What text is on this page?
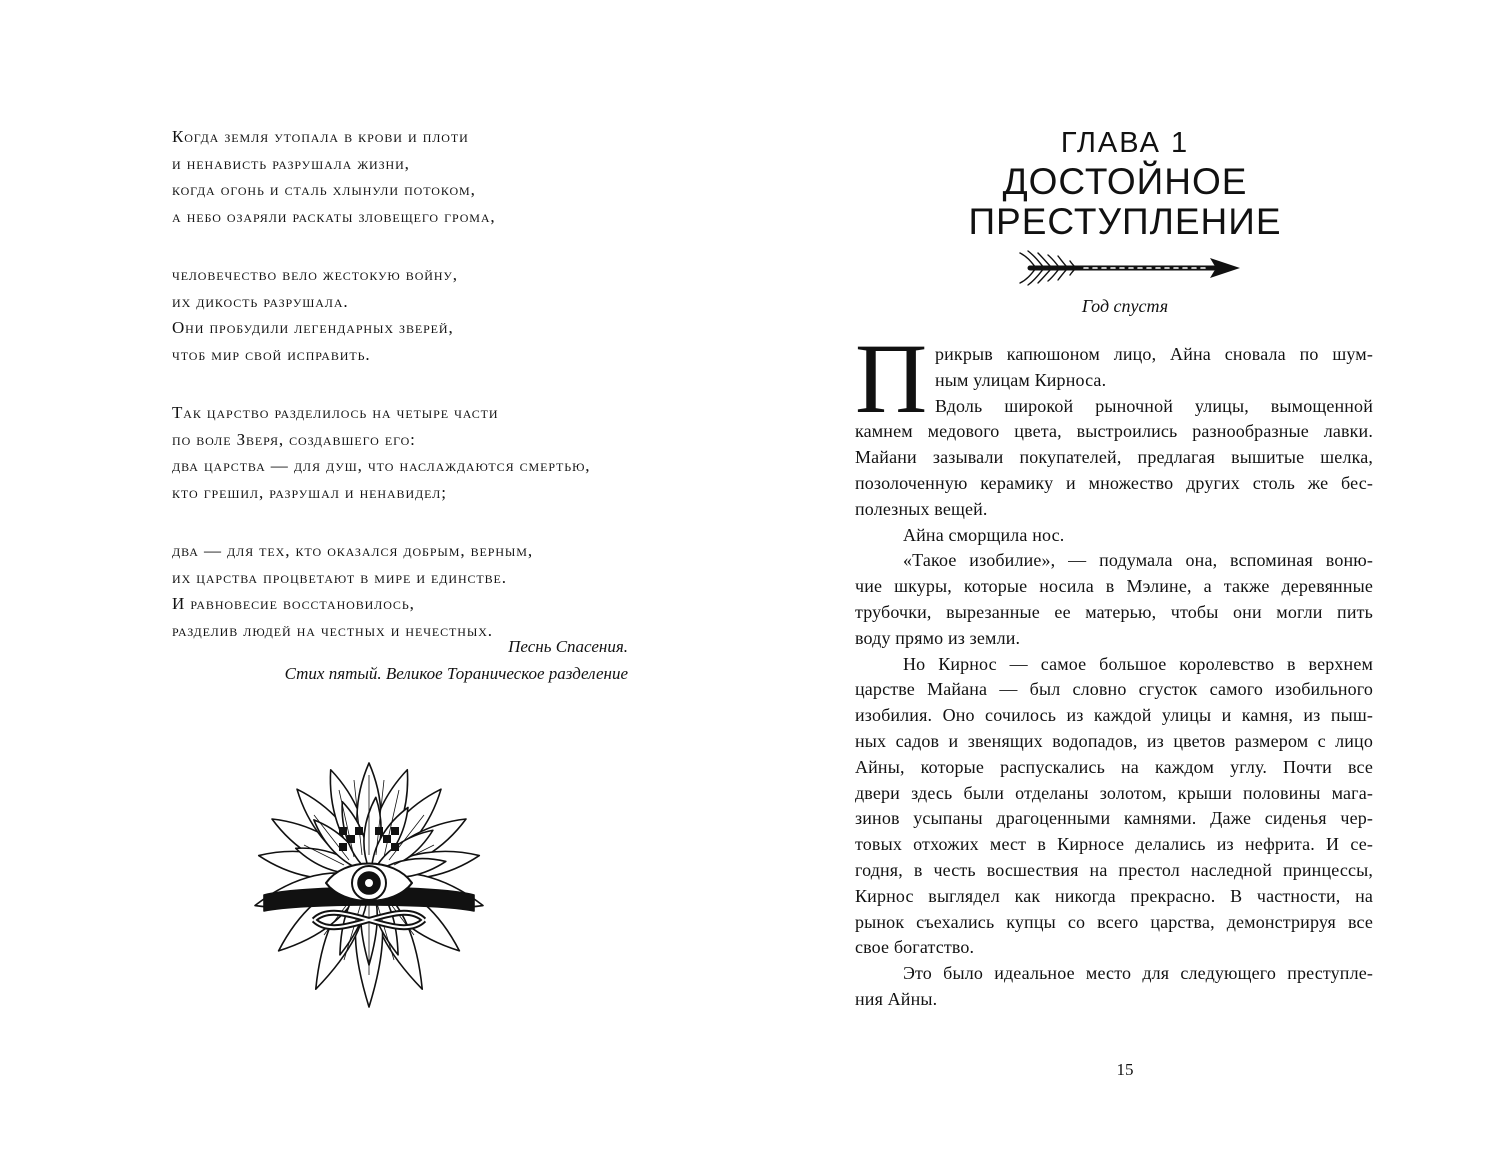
Когда земля утопала в крови и плоти
и ненависть разрушала жизни,
когда огонь и сталь хлынули потоком,
а небо озаряли раскаты зловещего грома,
человечество вело жестокую войну,
их дикость разрушала.
Они пробудили легендарных зверей,
чтоб мир свой исправить.
Так царство разделилось на четыре части
по воле Зверя, создавшего его:
два царства — для душ, что наслаждаются смертью,
кто грешил, разрушал и ненавидел;
два — для тех, кто оказался добрым, верным,
их царства процветают в мире и единстве.
И равновесие восстановилось,
разделив людей на честных и нечестных.
Песнь Спасения.
Стих пятый. Великое Тораническое разделение
ГЛАВА 1
ДОСТОЙНОЕ
ПРЕСТУПЛЕНИЕ
Год спустя
П рикрыв капюшоном лицо, Айна сновала по шум-
ным улицам Кирноса.
Вдоль широкой рыночной улицы, вымощенной
камнем медового цвета, выстроились разнообразные лавки.
Майани зазывали покупателей, предлагая вышитые шелка,
позолоченную керамику и множество других столь же бес-
полезных вещей.
Айна сморщила нос.
«Такое изобилие», — подумала она, вспоминая воню-
чие шкуры, которые носила в Мэлине, а также деревянные
трубочки, вырезанные ее матерью, чтобы они могли пить
воду прямо из земли.
Но Кирнос — самое большое королевство в верхнем
царстве Майана — был словно сгусток самого изобильного
изобилия. Оно сочилось из каждой улицы и камня, из пыш-
ных садов и звенящих водопадов, из цветов размером с лицо
Айны, которые распускались на каждом углу. Почти все
двери здесь были отделаны золотом, крыши половины мага-
зинов усыпаны драгоценными камнями. Даже сиденья чер-
товых отхожих мест в Кирносе делались из нефрита. И се-
годня, в честь восшествия на престол наследной принцессы,
Кирнос выглядел как никогда прекрасно. В частности, на
рынок съехались купцы со всего царства, демонстрируя все
свое богатство.
Это было идеальное место для следующего преступле-
ния Айны.
15
